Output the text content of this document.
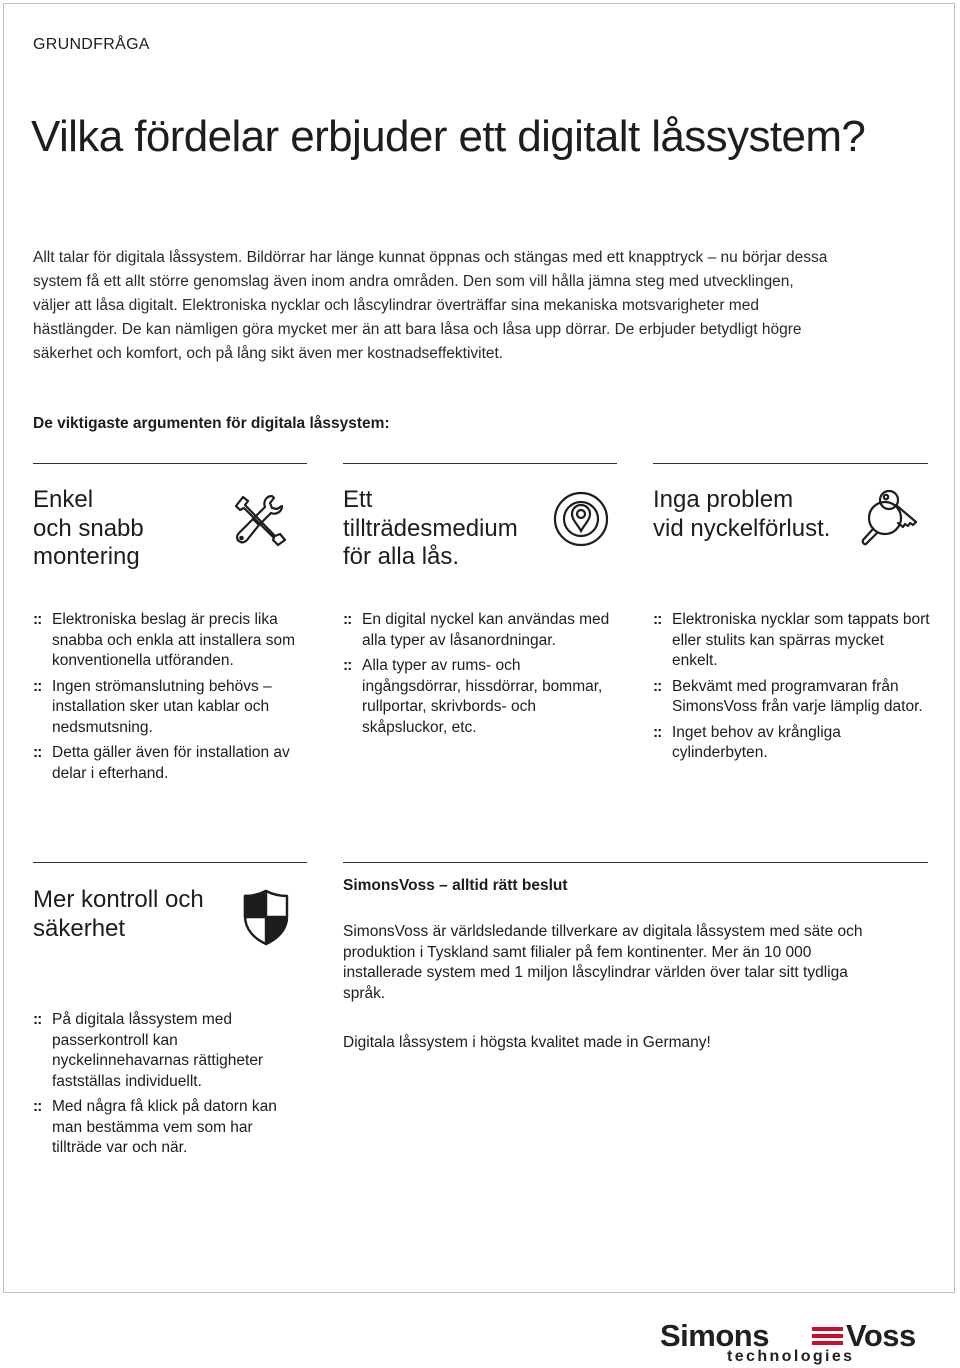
GRUNDFRÅGA
Vilka fördelar erbjuder ett digitalt låssystem?

Allt talar för digitala låssystem. Bildörrar har länge kunnat öppnas och stängas med ett knapptryck – nu börjar dessa system få ett allt större genomslag även inom andra områden. Den som vill hålla jämna steg med utvecklingen, väljer att låsa digitalt. Elektroniska nycklar och låscylindrar överträffar sina mekaniska motsvarigheter med hästlängder. De kan nämligen göra mycket mer än att bara låsa och låsa upp dörrar. De erbjuder betydligt högre säkerhet och komfort, och på lång sikt även mer kostnadseffektivitet.

De viktigaste argumenten för digitala låssystem:
Enkel
och snabb
montering
:: Elektroniska beslag är precis lika snabba och enkla att installera som konventionella utföranden.
:: Ingen strömanslutning behövs – installation sker utan kablar och nedsmutsning.
:: Detta gäller även för installation av delar i efterhand.
Ett
tillträdesmedium
för alla lås.
:: En digital nyckel kan användas med alla typer av låsanordningar.
:: Alla typer av rums- och ingångsdörrar, hissdörrar, bommar, rullportar, skrivbords- och skåpsluckor, etc.
Inga problem
vid nyckelförlust.
:: Elektroniska nycklar som tappats bort eller stulits kan spärras mycket enkelt.
:: Bekvämt med programvaran från SimonsVoss från varje lämplig dator.
:: Inget behov av krångliga cylinderbyten.
Mer kontroll och
säkerhet
:: På digitala låssystem med passerkontroll kan nyckelinnehavarnas rättigheter fastställas individuellt.
:: Med några få klick på datorn kan man bestämma vem som har tillträde var och när.
SimonsVoss – alltid rätt beslut

SimonsVoss är världsledande tillverkare av digitala låssystem med säte och produktion i Tyskland samt filialer på fem kontinenter. Mer än 10 000 installerade system med 1 miljon låscylindrar världen över talar sitt tydliga språk.

Digitala låssystem i högsta kvalitet made in Germany!

Simons Voss
technologies
